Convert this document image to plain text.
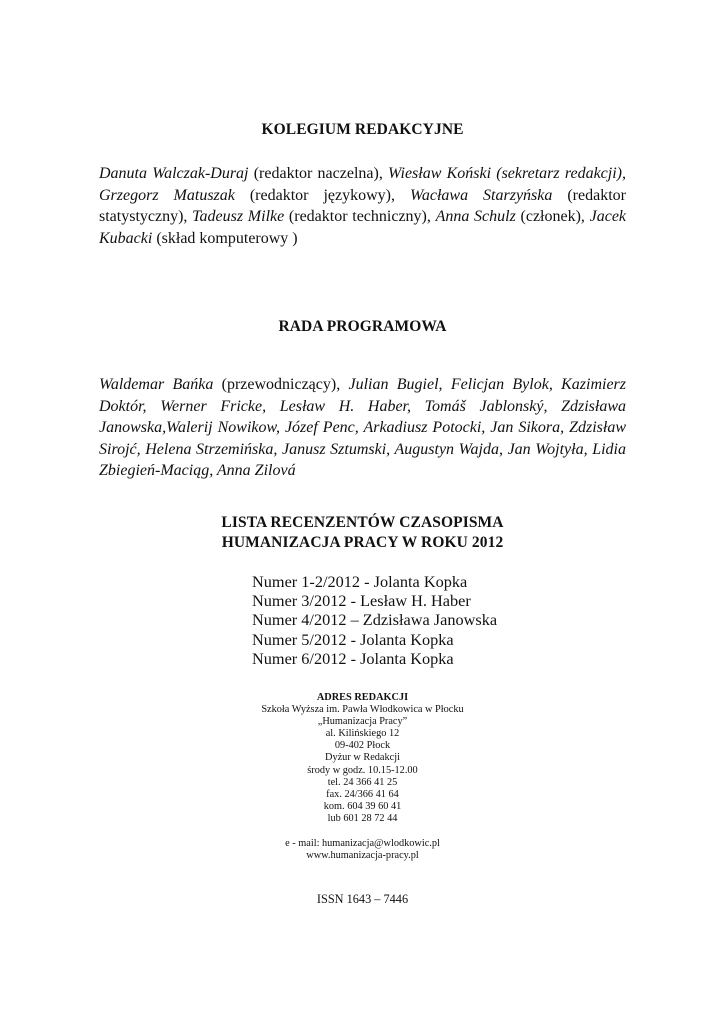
KOLEGIUM REDAKCYJNE

Danuta Walczak-Duraj (redaktor naczelna), Wiesław Koński (sekretarz redakcji), Grzegorz Matuszak (redaktor językowy), Wacława Starzyńska (redaktor statystyczny), Tadeusz Milke (redaktor techniczny), Anna Schulz (członek), Jacek Kubacki (skład komputerowy )

RADA PROGRAMOWA

Waldemar Bańka (przewodniczący), Julian Bugiel, Felicjan Bylok, Kazimierz Doktór, Werner Fricke, Lesław H. Haber, Tomáš Jablonský, Zdzisława Janowska,Walerij Nowikow, Józef Penc, Arkadiusz Potocki, Jan Sikora, Zdzisław Sirojć, Helena Strzemińska, Janusz Sztumski, Augustyn Wajda, Jan Wojtyła, Lidia Zbiegień-Maciąg, Anna Zilová

LISTA RECENZENTÓW CZASOPISMA
HUMANIZACJA PRACY W ROKU 2012
Numer 1-2/2012 - Jolanta Kopka
Numer 3/2012 - Lesław H. Haber
Numer 4/2012 – Zdzisława Janowska
Numer 5/2012 - Jolanta Kopka
Numer 6/2012 - Jolanta Kopka
ADRES REDAKCJI
Szkoła Wyższa im. Pawła Włodkowica w Płocku
„Humanizacja Pracy”
al. Kilińskiego 12
09-402 Płock
Dyżur w Redakcji
środy w godz. 10.15-12.00
tel. 24 366 41 25
fax. 24/366 41 64
kom. 604 39 60 41
lub 601 28 72 44
e - mail: humanizacja@wlodkowic.pl
www.humanizacja-pracy.pl
ISSN 1643 – 7446
